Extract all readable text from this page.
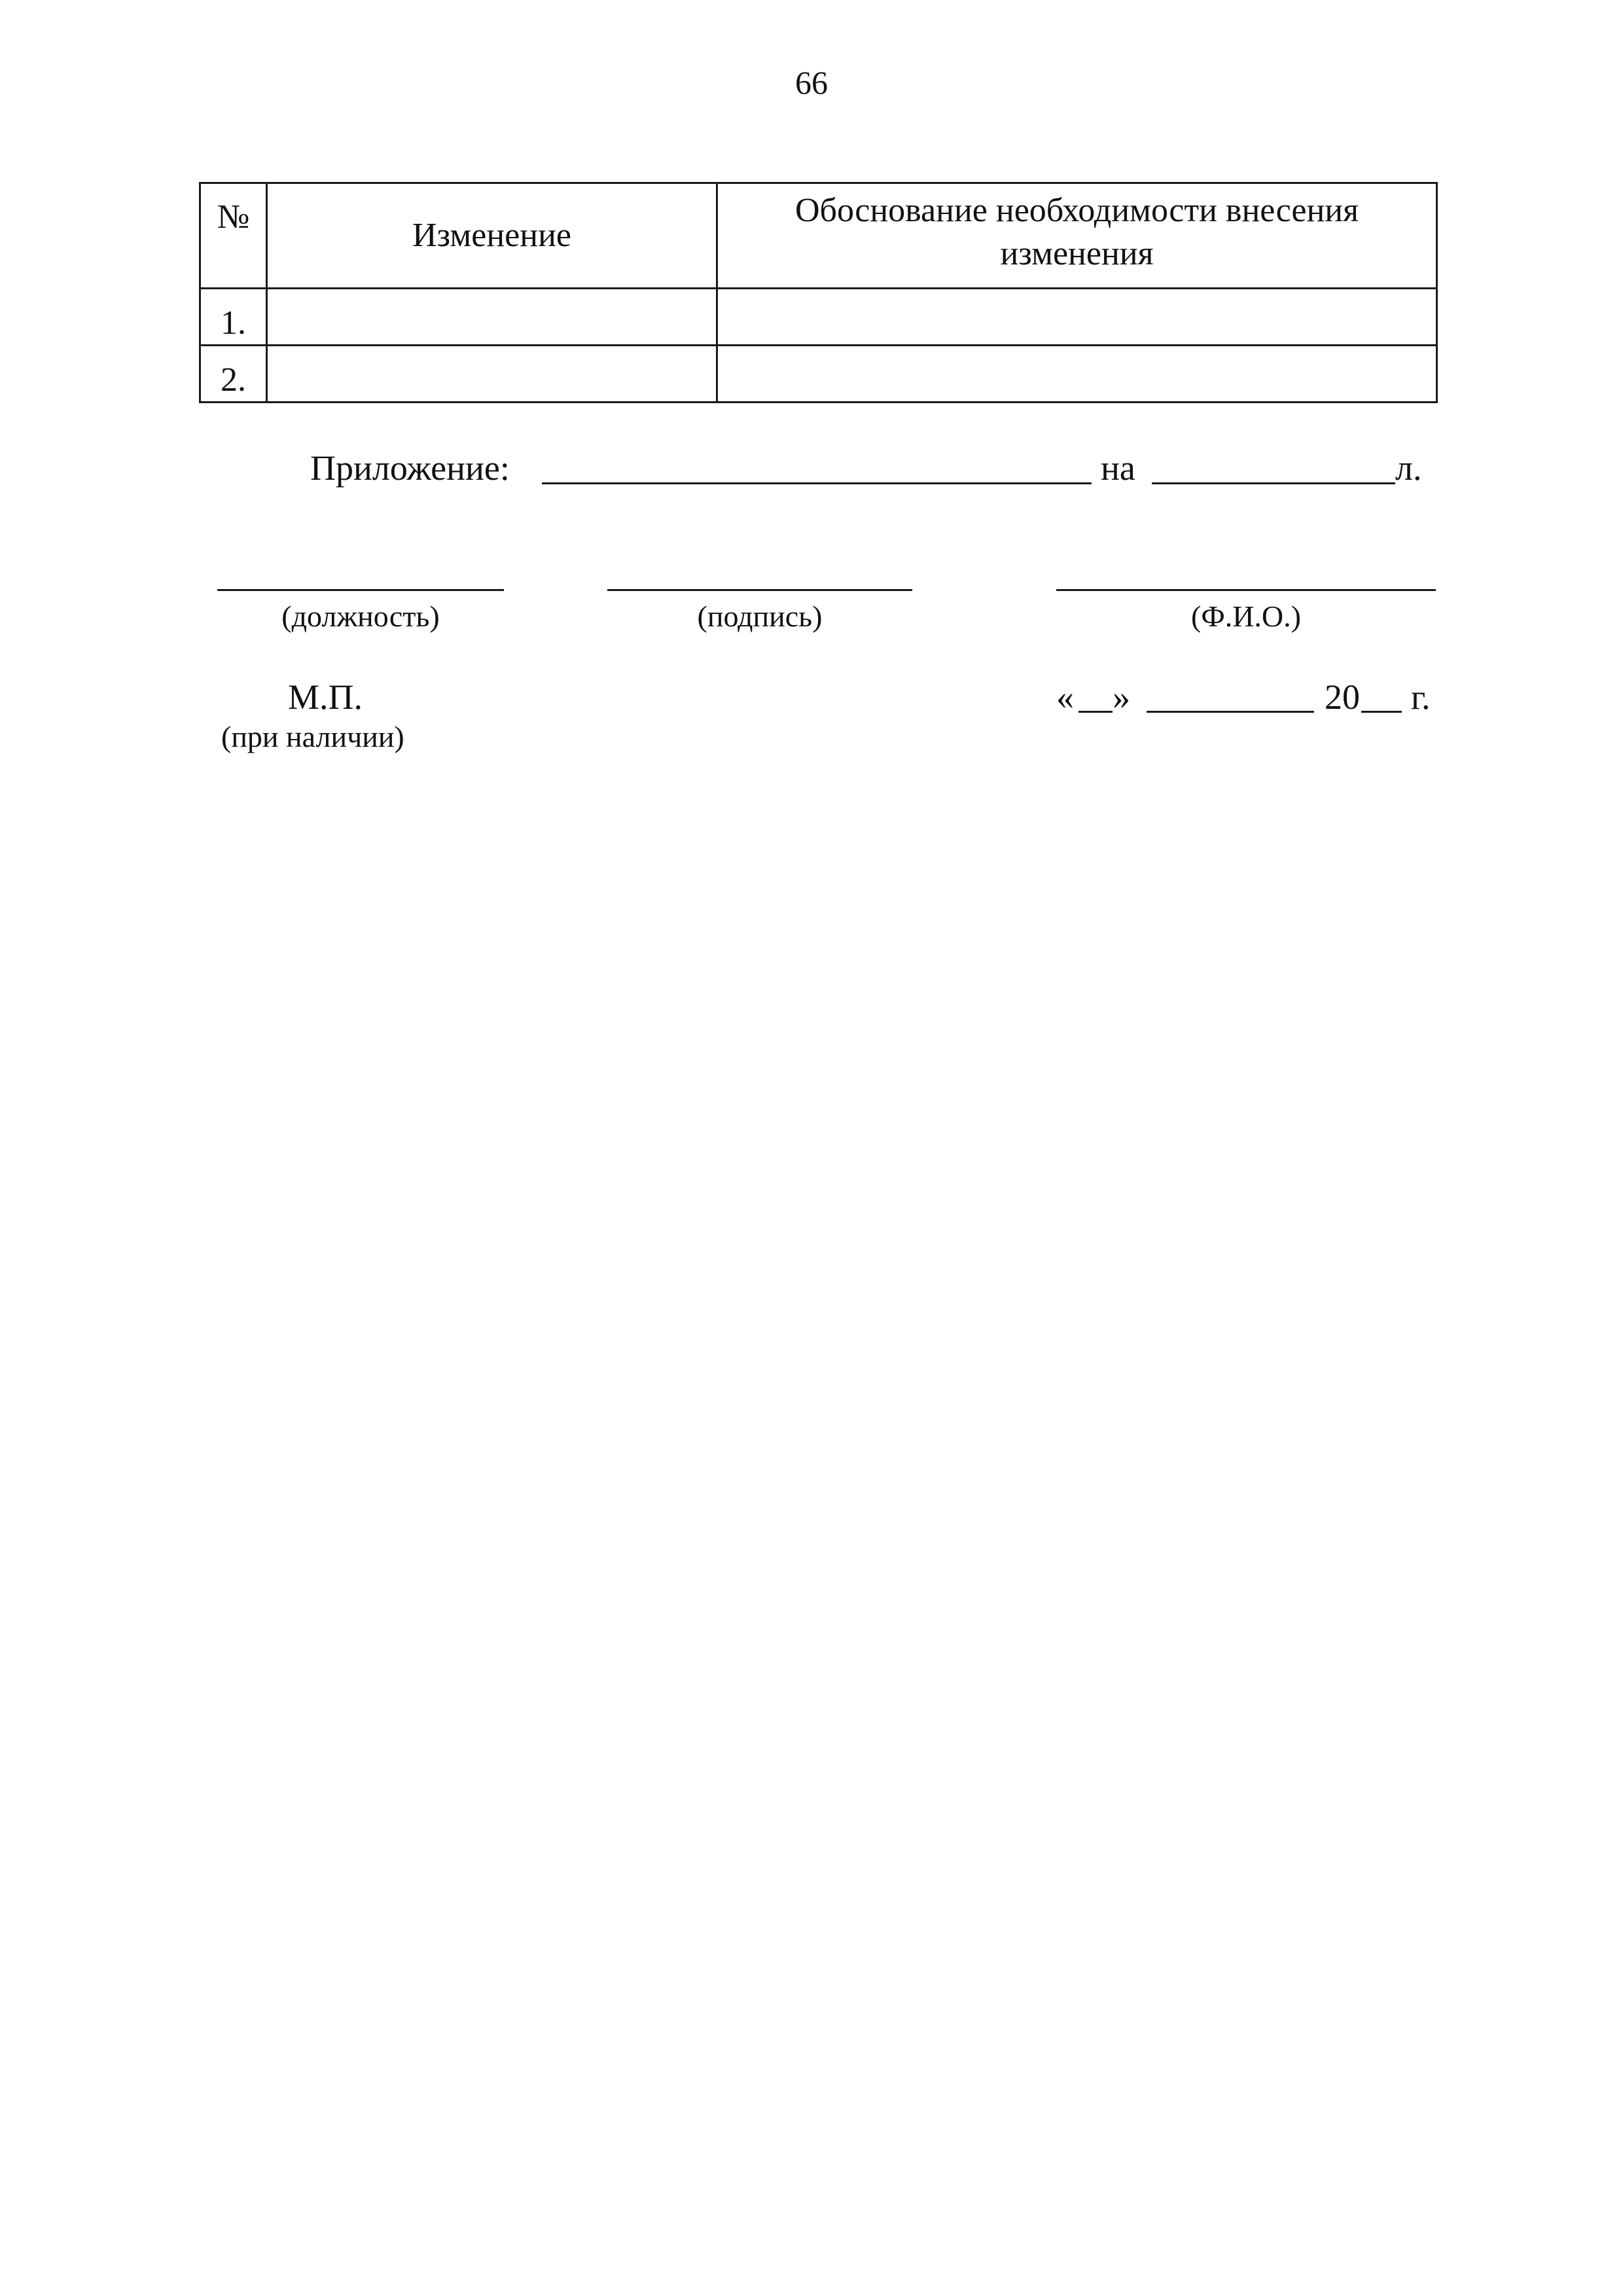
66
№	Изменение	Обоснование необходимости внесения изменения
1.		
2.		
Приложение:	на	л.
(должность)	(подпись)	(Ф.И.О.)
М.П.
(при наличии)
« »	20 г.
